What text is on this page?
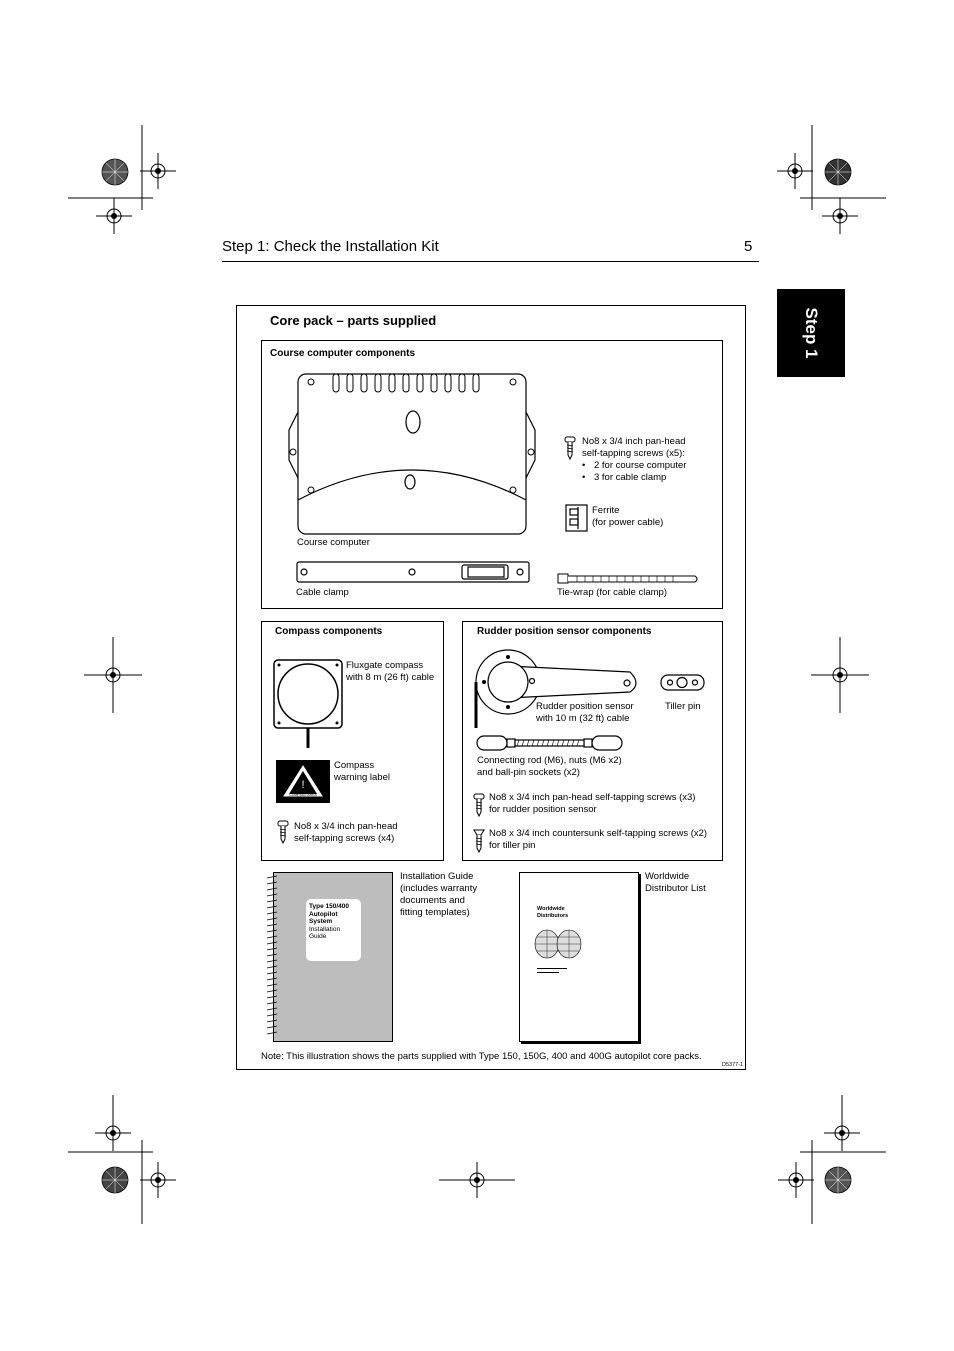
Step 1: Check the Installation Kit	5
Step 1
Core pack – parts supplied
Course computer components
Course computer
No8 x 3/4 inch pan-head
self-tapping screws (x5):
• 2 for course computer
• 3 for cable clamp
Ferrite
(for power cable)
Cable clamp	Tie-wrap (for cable clamp)
Compass components
Fluxgate compass
with 8 m (26 ft) cable
!
COMPASS AREA
Compass
warning label
No8 x 3/4 inch pan-head
self-tapping screws (x4)
Rudder position sensor components
Rudder position sensor
with 10 m (32 ft) cable
Tiller pin
Connecting rod (M6), nuts (M6 x2)
and ball-pin sockets (x2)
No8 x 3/4 inch pan-head self-tapping screws (x3)
for rudder position sensor
No8 x 3/4 inch countersunk self-tapping screws (x2)
for tiller pin
Type 150/400
Autopilot
System
Installation
Guide
Installation Guide
(includes warranty
documents and
fitting templates)	Worldwide
Distributors
Worldwide
Distributor List
Note: This illustration shows the parts supplied with Type 150, 150G, 400 and 400G autopilot core packs.
D5377-1
